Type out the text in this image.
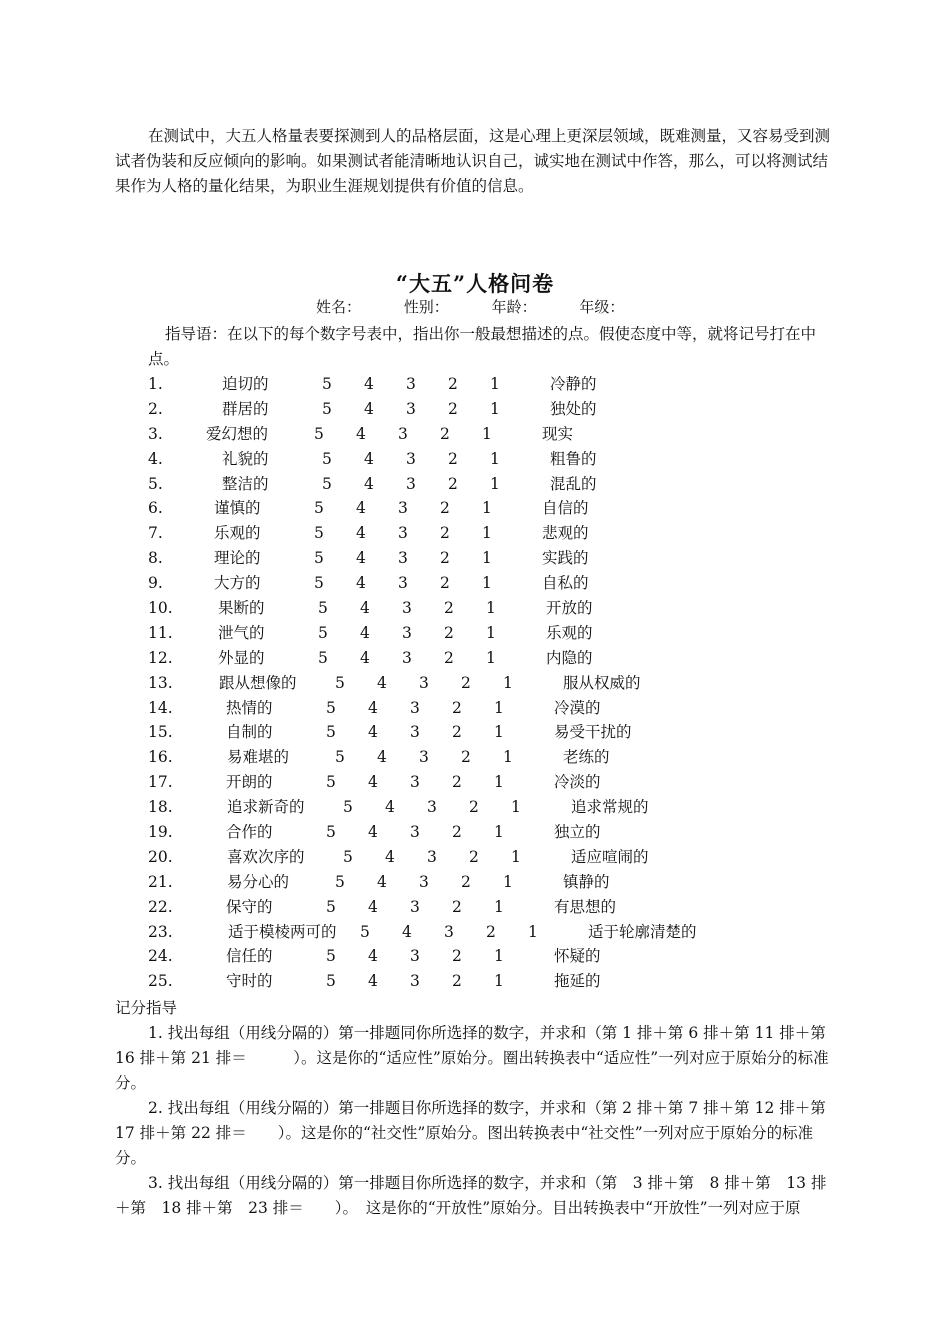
在测试中，大五人格量表要探测到人的品格层面，这是心理上更深层领域，既难测量，又容易受到测试者伪装和反应倾向的影响。如果测试者能清晰地认识自己，诚实地在测试中作答，那么，可以将测试结果作为人格的量化结果，为职业生涯规划提供有价值的信息。

“大五”人格问卷
姓名：	性别：	年龄：	年级：

指导语：在以下的每个数字号表中，指出你一般最想描述的点。假使态度中等，就将记号打在中点。

1.	迫切的	5 4 3 2 1	冷静的
2.	群居的	5 4 3 2 1	独处的
3.	爱幻想的	5 4 3 2 1	现实
4.	礼貌的	5 4 3 2 1	粗鲁的
5.	整洁的	5 4 3 2 1	混乱的
6.	谨慎的	5 4 3 2 1	自信的
7.	乐观的	5 4 3 2 1	悲观的
8.	理论的	5 4 3 2 1	实践的
9.	大方的	5 4 3 2 1	自私的
10.	果断的	5 4 3 2 1	开放的
11.	泄气的	5 4 3 2 1	乐观的
12.	外显的	5 4 3 2 1	内隐的
13.	跟从想像的 5 4 3 2 1	服从权威的
14.	热情的	5 4 3 2 1	冷漠的
15.	自制的	5 4 3 2 1	易受干扰的
16.	易难堪的	5 4 3 2 1	老练的
17.	开朗的	5 4 3 2 1	冷淡的
18.	追求新奇的 5 4 3 2 1	追求常规的
19.	合作的	5 4 3 2 1	独立的
20.	喜欢次序的 5 4 3 2 1	适应喧闹的
21.	易分心的	5 4 3 2 1	镇静的
22.	保守的	5 4 3 2 1	有思想的
23.	适于模棱两可的 5 4 3 2 1	适于轮廓清楚的
24.	信任的	5 4 3 2 1	怀疑的
25.	守时的	5 4 3 2 1	拖延的
记分指导

1. 找出每组（用线分隔的）第一排题同你所选择的数字，并求和（第 1 排＋第 6 排＋第 11 排＋第 16 排＋第 21 排＝　　　）。这是你的“适应性”原始分。圈出转换表中“适应性”一列对应于原始分的标准分。

2. 找出每组（用线分隔的）第一排题目你所选择的数字，并求和（第 2 排＋第 7 排＋第 12 排＋第 17 排＋第 22 排＝　　）。这是你的“社交性”原始分。图出转换表中“社交性”一列对应于原始分的标准分。

3. 找出每组（用线分隔的）第一排题目你所选择的数字，并求和（第　3 排＋第　8 排＋第　13 排＋第　18 排＋第　23 排＝　　）。　这是你的“开放性”原始分。目出转换表中“开放性”一列对应于原
